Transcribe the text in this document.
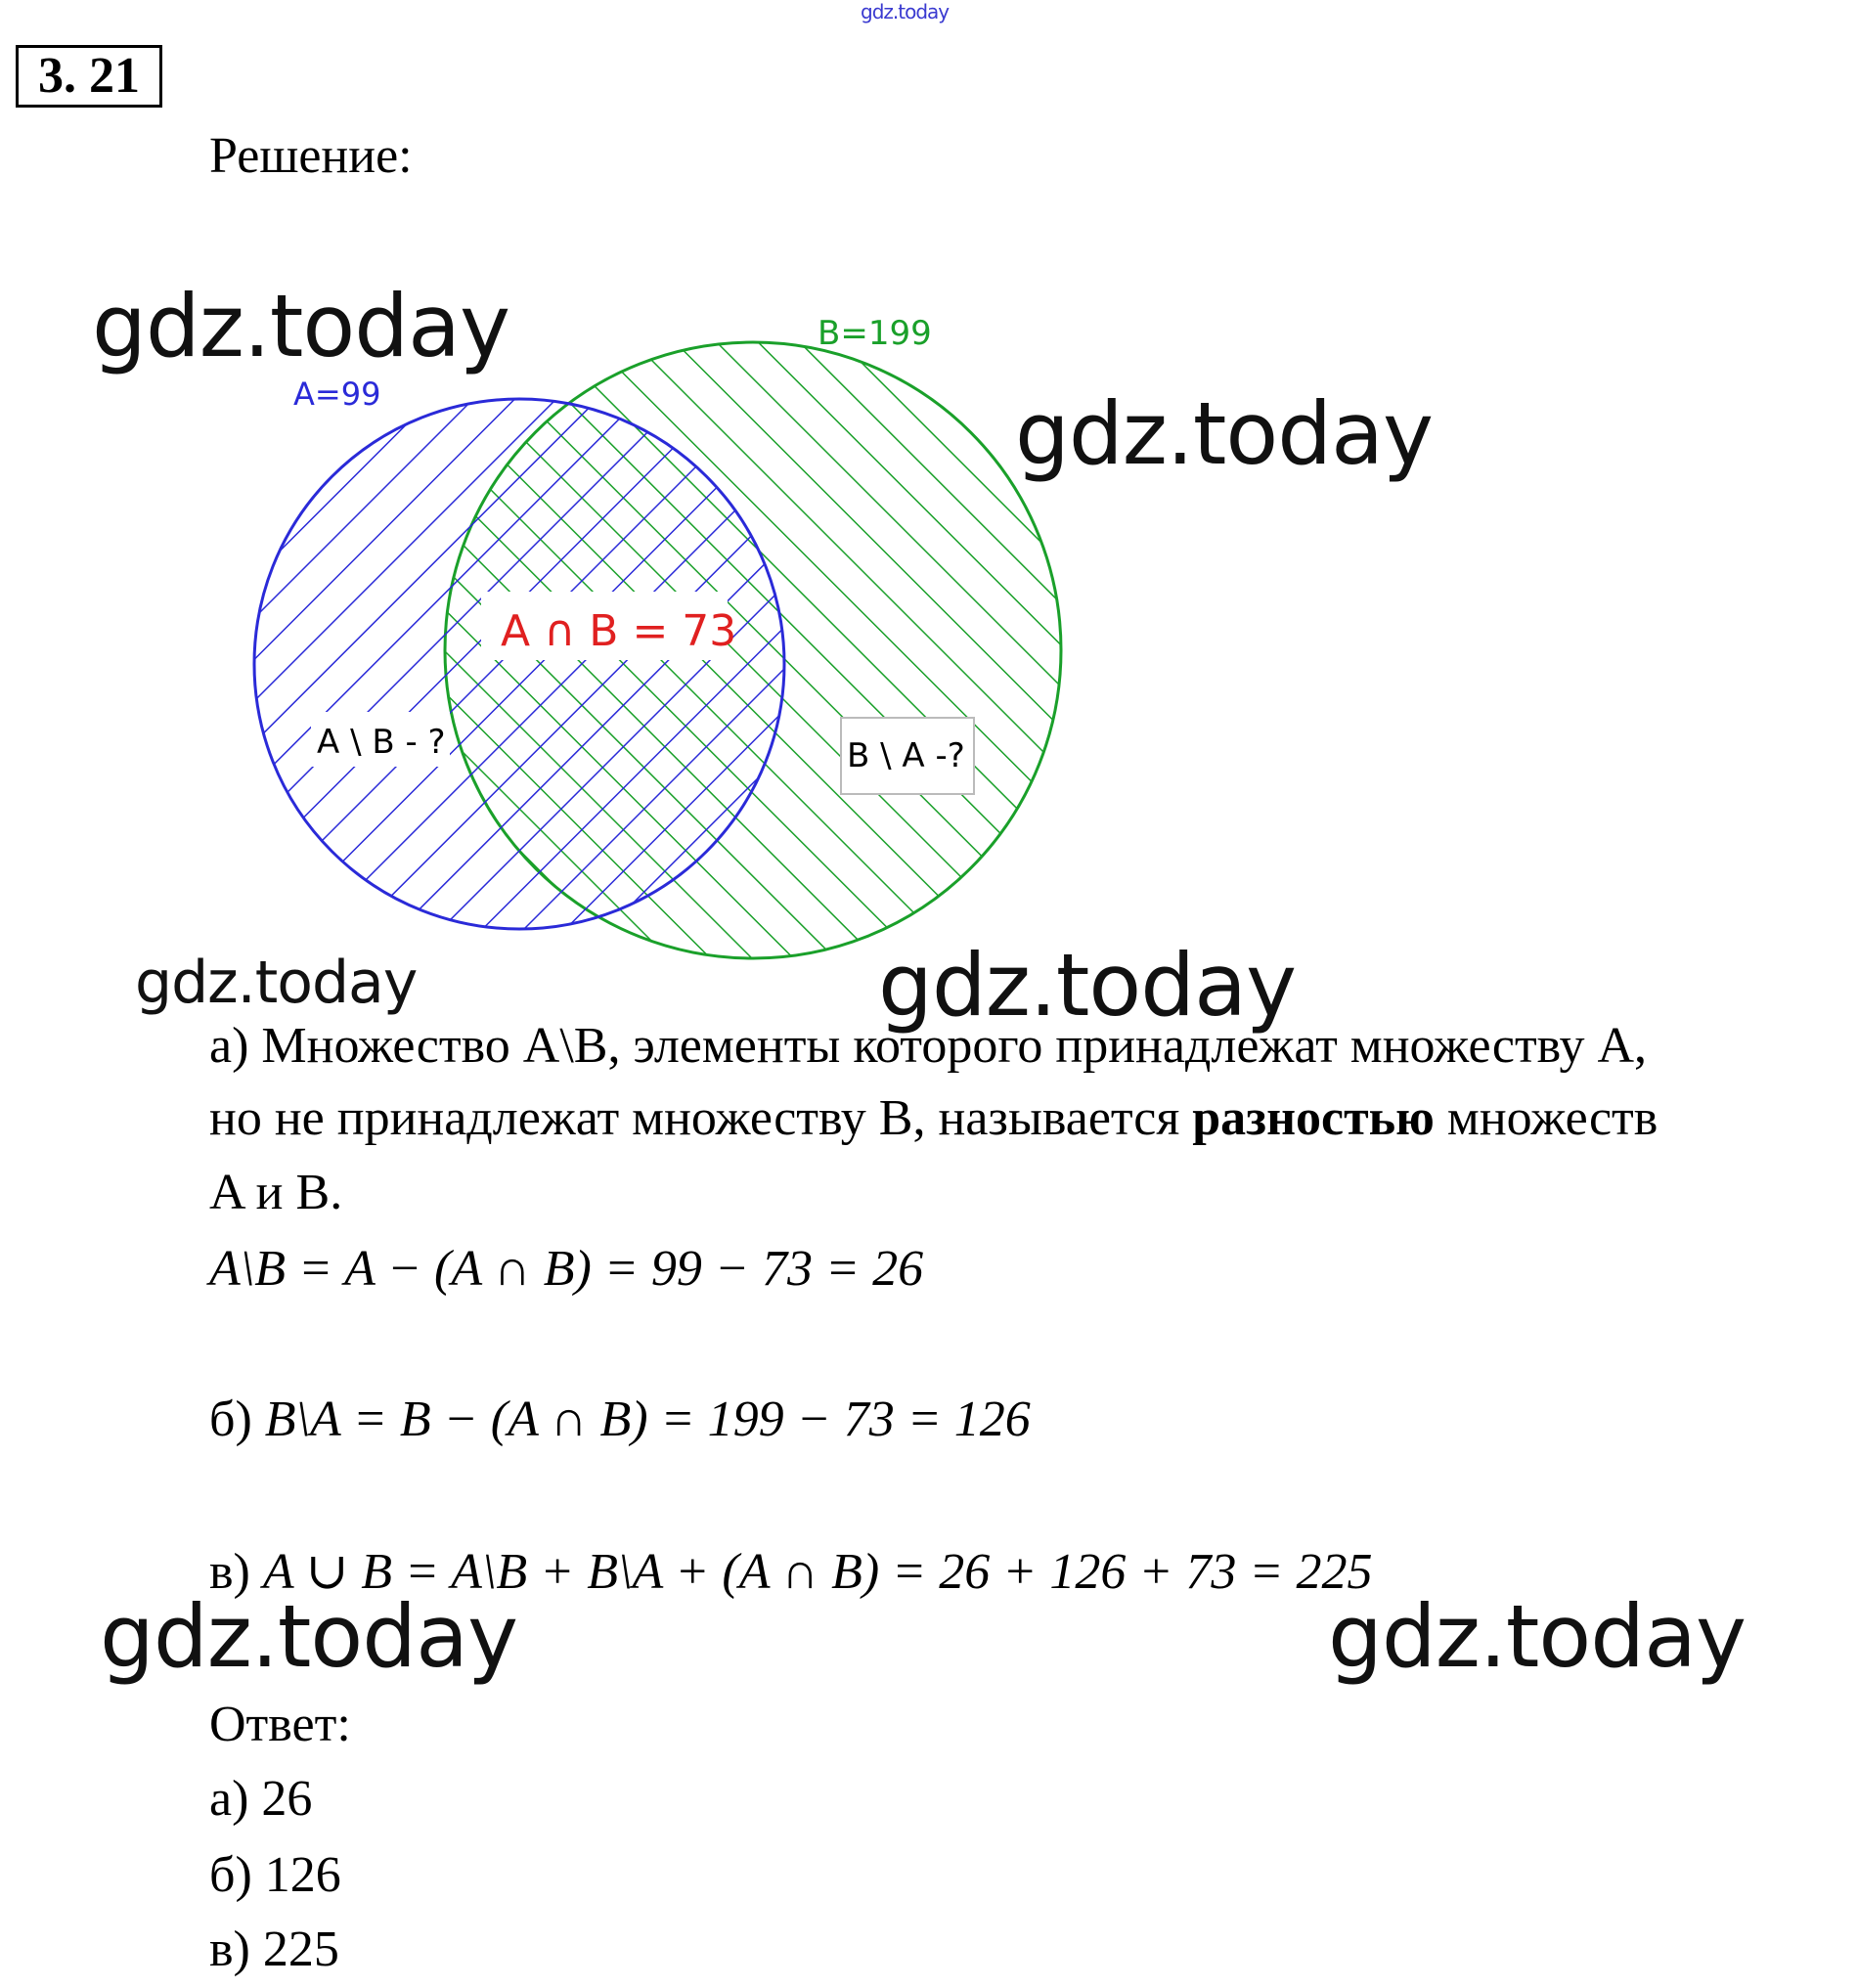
gdz.today
3. 21
Решение:
A ∩ B = 73
A \ B - ?	B \ A -?
A=99
B=199
gdz.today
gdz.today
gdz.today	gdz.today
а) Множество A\B, элементы которого принадлежат множеству A,
но не принадлежат множеству B, называется разностью множеств
A и B.
A\B = A − (A ∩ B) = 99 − 73 = 26
б) B\A = B − (A ∩ B) = 199 − 73 = 126
в) A ∪ B = A\B + B\A + (A ∩ B) = 26 + 126 + 73 = 225
gdz.today	gdz.today
Ответ:
а) 26
б) 126
в) 225
